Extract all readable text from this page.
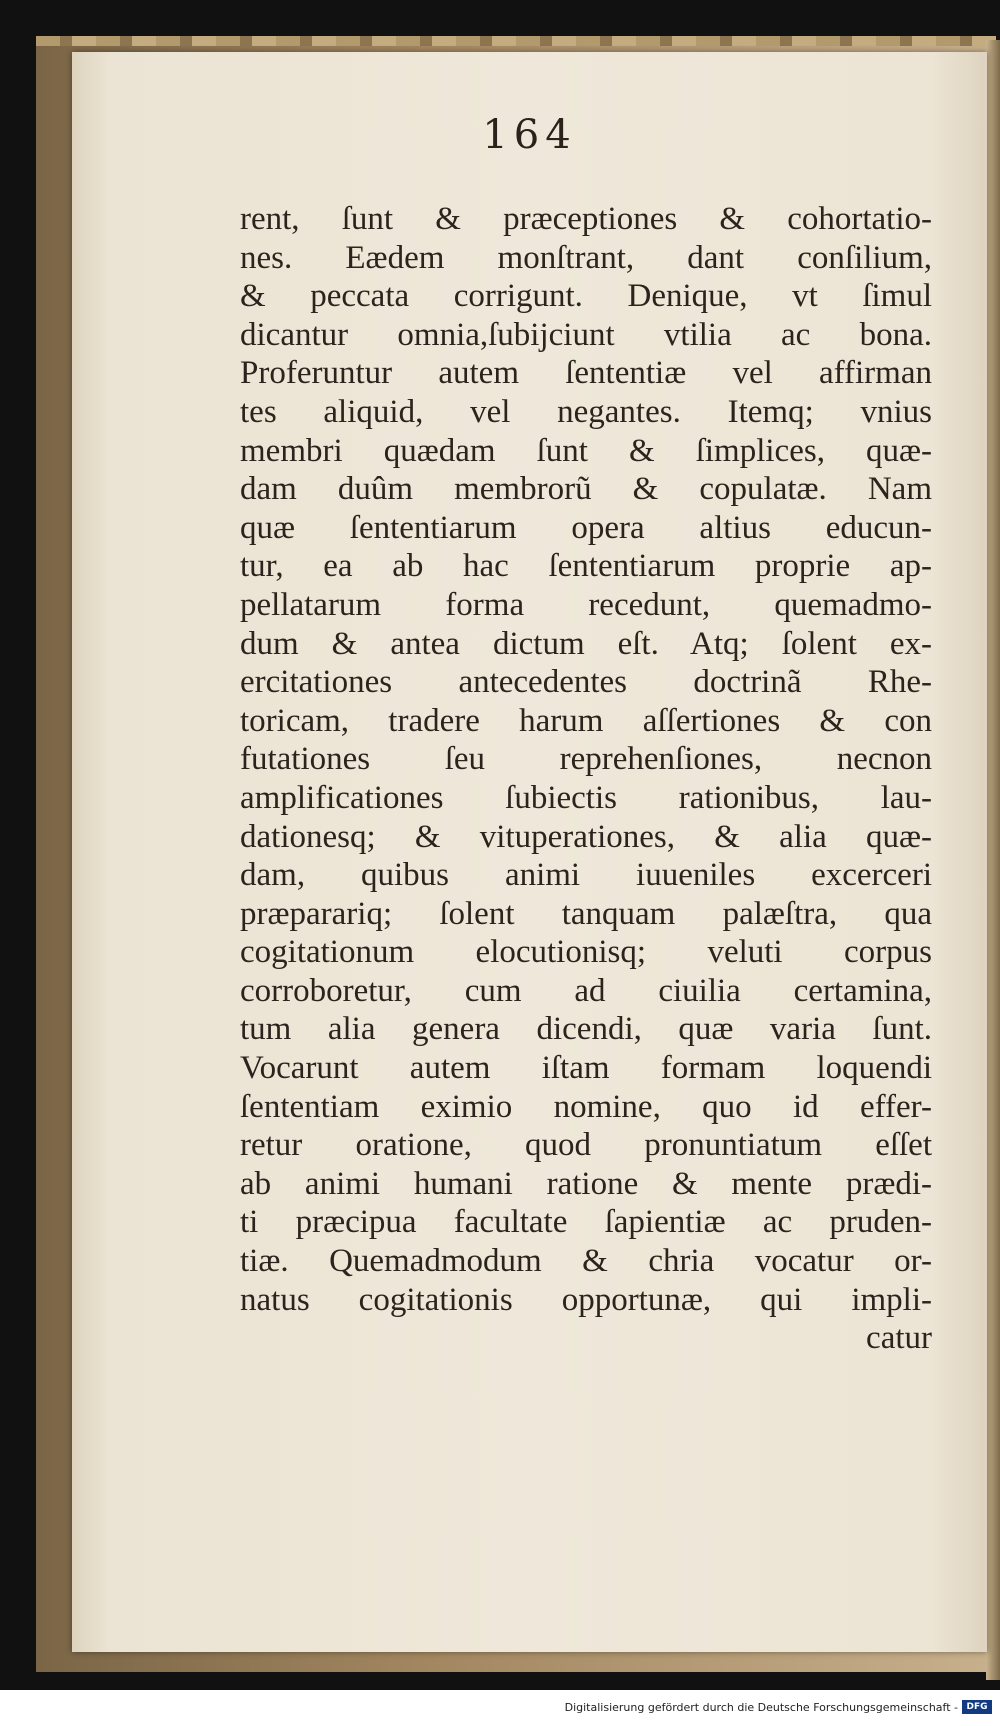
164
rent, ſunt & præceptiones & cohortatio-
nes. Eædem monſtrant, dant conſilium,
& peccata corrigunt. Denique, vt ſimul
dicantur omnia,ſubijciunt vtilia ac bona.
Proferuntur autem ſententiæ vel affirman
tes aliquid, vel negantes. Itemq; vnius
membri quædam ſunt & ſimplices, quæ-
dam duûm membrorũ & copulatæ. Nam
quæ ſententiarum opera altius educun-
tur, ea ab hac ſententiarum proprie ap-
pellatarum forma recedunt, quemadmo-
dum & antea dictum eſt. Atq; ſolent ex-
ercitationes antecedentes doctrinã Rhe-
toricam, tradere harum aſſertiones & con
futationes ſeu reprehenſiones, necnon
amplificationes ſubiectis rationibus, lau-
dationesq; & vituperationes, & alia quæ-
dam, quibus animi iuueniles excerceri
præparariq; ſolent tanquam palæſtra, qua
cogitationum elocutionisq; veluti corpus
corroboretur, cum ad ciuilia certamina,
tum alia genera dicendi, quæ varia ſunt.
Vocarunt autem iſtam formam loquendi
ſententiam eximio nomine, quo id effer-
retur oratione, quod pronuntiatum eſſet
ab animi humani ratione & mente prædi-
ti præcipua facultate ſapientiæ ac pruden-
tiæ. Quemadmodum & chria vocatur or-
natus cogitationis opportunæ, qui impli-
catur
Digitalisierung gefördert durch die Deutsche Forschungsgemeinschaft - DFG
